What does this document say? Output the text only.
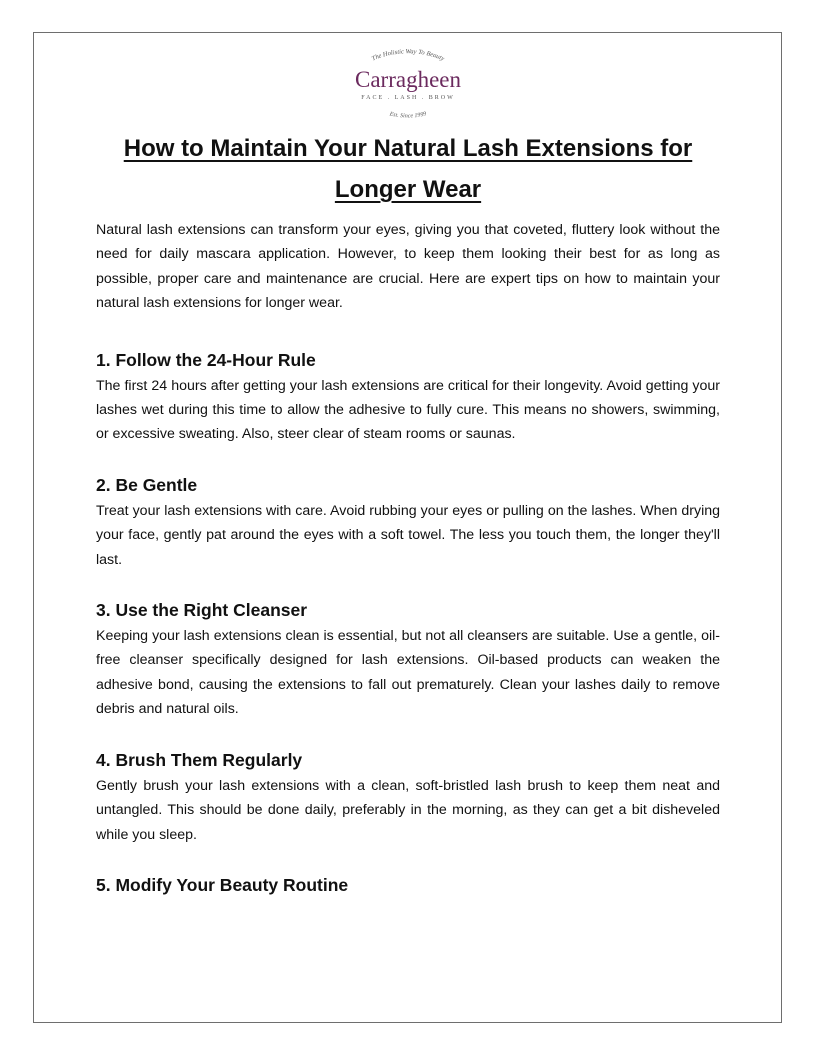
The Holistic Way To Beauty
Carragheen
FACE . LASH . BROW
Est. Since 1999
How to Maintain Your Natural Lash Extensions for Longer Wear

Natural lash extensions can transform your eyes, giving you that coveted, fluttery look without the need for daily mascara application. However, to keep them looking their best for as long as possible, proper care and maintenance are crucial. Here are expert tips on how to maintain your natural lash extensions for longer wear.

1. Follow the 24-Hour Rule

The first 24 hours after getting your lash extensions are critical for their longevity. Avoid getting your lashes wet during this time to allow the adhesive to fully cure. This means no showers, swimming, or excessive sweating. Also, steer clear of steam rooms or saunas.

2. Be Gentle

Treat your lash extensions with care. Avoid rubbing your eyes or pulling on the lashes. When drying your face, gently pat around the eyes with a soft towel. The less you touch them, the longer they'll last.

3. Use the Right Cleanser

Keeping your lash extensions clean is essential, but not all cleansers are suitable. Use a gentle, oil-free cleanser specifically designed for lash extensions. Oil-based products can weaken the adhesive bond, causing the extensions to fall out prematurely. Clean your lashes daily to remove debris and natural oils.

4. Brush Them Regularly

Gently brush your lash extensions with a clean, soft-bristled lash brush to keep them neat and untangled. This should be done daily, preferably in the morning, as they can get a bit disheveled while you sleep.

5. Modify Your Beauty Routine
